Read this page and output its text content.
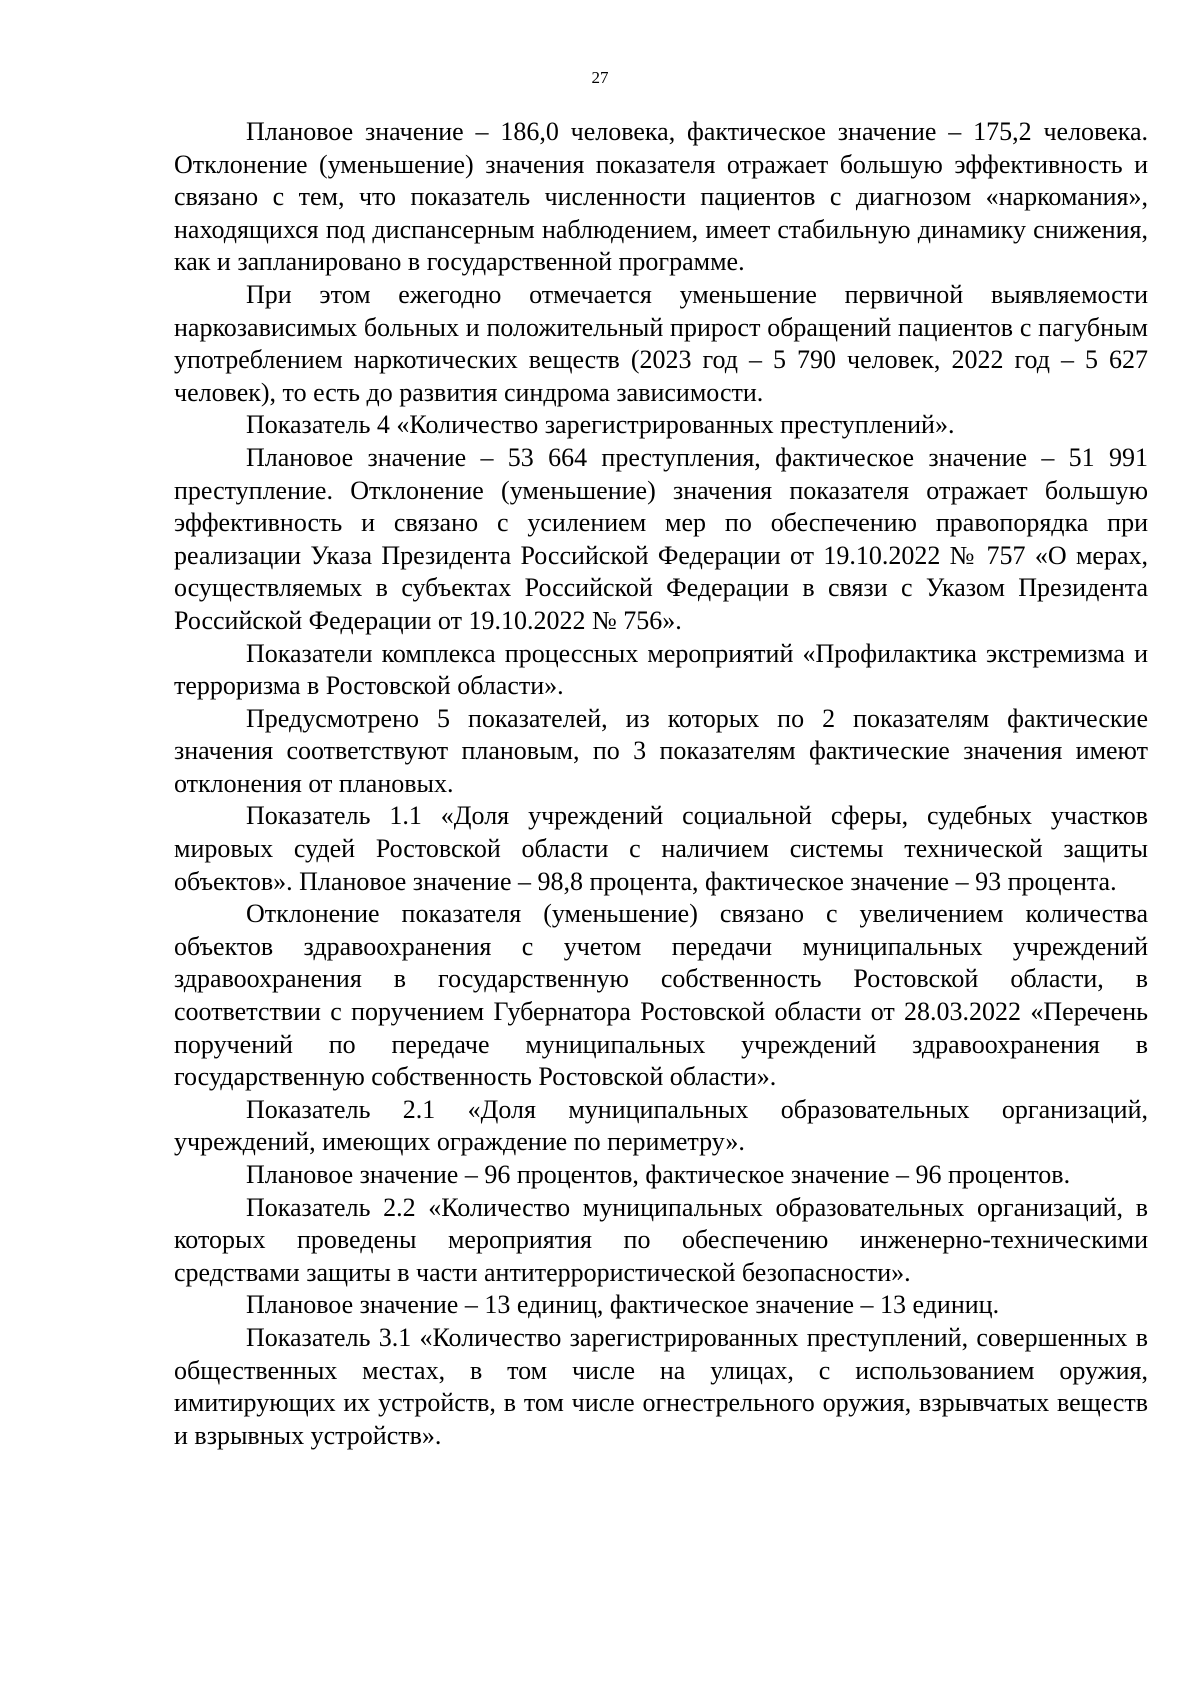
27

Плановое значение – 186,0 человека, фактическое значение – 175,2 человека. Отклонение (уменьшение) значения показателя отражает большую эффективность и связано с тем, что показатель численности пациентов с диагнозом «наркомания», находящихся под диспансерным наблюдением, имеет стабильную динамику снижения, как и запланировано в государственной программе.

При этом ежегодно отмечается уменьшение первичной выявляемости наркозависимых больных и положительный прирост обращений пациентов с пагубным употреблением наркотических веществ (2023 год – 5 790 человек, 2022 год – 5 627 человек), то есть до развития синдрома зависимости.

Показатель 4 «Количество зарегистрированных преступлений».

Плановое значение – 53 664 преступления, фактическое значение – 51 991 преступление. Отклонение (уменьшение) значения показателя отражает большую эффективность и связано с усилением мер по обеспечению правопорядка при реализации Указа Президента Российской Федерации от 19.10.2022 № 757 «О мерах, осуществляемых в субъектах Российской Федерации в связи с Указом Президента Российской Федерации от 19.10.2022 № 756».

Показатели комплекса процессных мероприятий «Профилактика экстремизма и терроризма в Ростовской области».

Предусмотрено 5 показателей, из которых по 2 показателям фактические значения соответствуют плановым, по 3 показателям фактические значения имеют отклонения от плановых.

Показатель 1.1 «Доля учреждений социальной сферы, судебных участков мировых судей Ростовской области с наличием системы технической защиты объектов». Плановое значение – 98,8 процента, фактическое значение – 93 процента.

Отклонение показателя (уменьшение) связано с увеличением количества объектов здравоохранения с учетом передачи муниципальных учреждений здравоохранения в государственную собственность Ростовской области, в соответствии с поручением Губернатора Ростовской области от 28.03.2022 «Перечень поручений по передаче муниципальных учреждений здравоохранения в государственную собственность Ростовской области».

Показатель 2.1 «Доля муниципальных образовательных организаций, учреждений, имеющих ограждение по периметру».

Плановое значение – 96 процентов, фактическое значение – 96 процентов.

Показатель 2.2 «Количество муниципальных образовательных организаций, в которых проведены мероприятия по обеспечению инженерно-техническими средствами защиты в части антитеррористической безопасности».

Плановое значение – 13 единиц, фактическое значение – 13 единиц.

Показатель 3.1 «Количество зарегистрированных преступлений, совершенных в общественных местах, в том числе на улицах, с использованием оружия, имитирующих их устройств, в том числе огнестрельного оружия, взрывчатых веществ и взрывных устройств».
